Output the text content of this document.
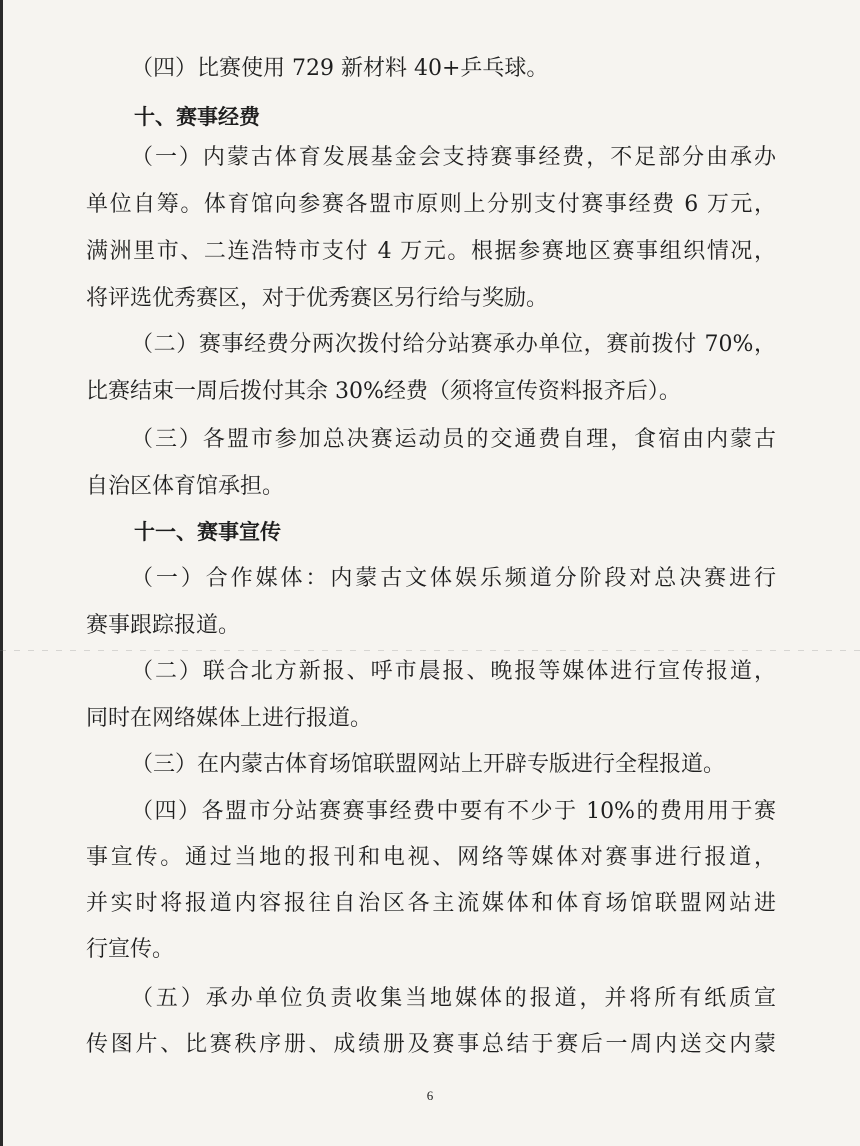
（四）比赛使用 729 新材料 40+乒乓球。
十、赛事经费
（一）内蒙古体育发展基金会支持赛事经费，不足部分由承办
单位自筹。体育馆向参赛各盟市原则上分别支付赛事经费 6 万元，
满洲里市、二连浩特市支付 4 万元。根据参赛地区赛事组织情况，
将评选优秀赛区，对于优秀赛区另行给与奖励。
（二）赛事经费分两次拨付给分站赛承办单位，赛前拨付 70%，
比赛结束一周后拨付其余 30%经费（须将宣传资料报齐后）。
（三）各盟市参加总决赛运动员的交通费自理，食宿由内蒙古
自治区体育馆承担。
十一、赛事宣传
（一）合作媒体：内蒙古文体娱乐频道分阶段对总决赛进行
赛事跟踪报道。
（二）联合北方新报、呼市晨报、晚报等媒体进行宣传报道，
同时在网络媒体上进行报道。
（三）在内蒙古体育场馆联盟网站上开辟专版进行全程报道。
（四）各盟市分站赛赛事经费中要有不少于 10%的费用用于赛
事宣传。通过当地的报刊和电视、网络等媒体对赛事进行报道，
并实时将报道内容报往自治区各主流媒体和体育场馆联盟网站进
行宣传。
（五）承办单位负责收集当地媒体的报道，并将所有纸质宣
传图片、比赛秩序册、成绩册及赛事总结于赛后一周内送交内蒙
6
